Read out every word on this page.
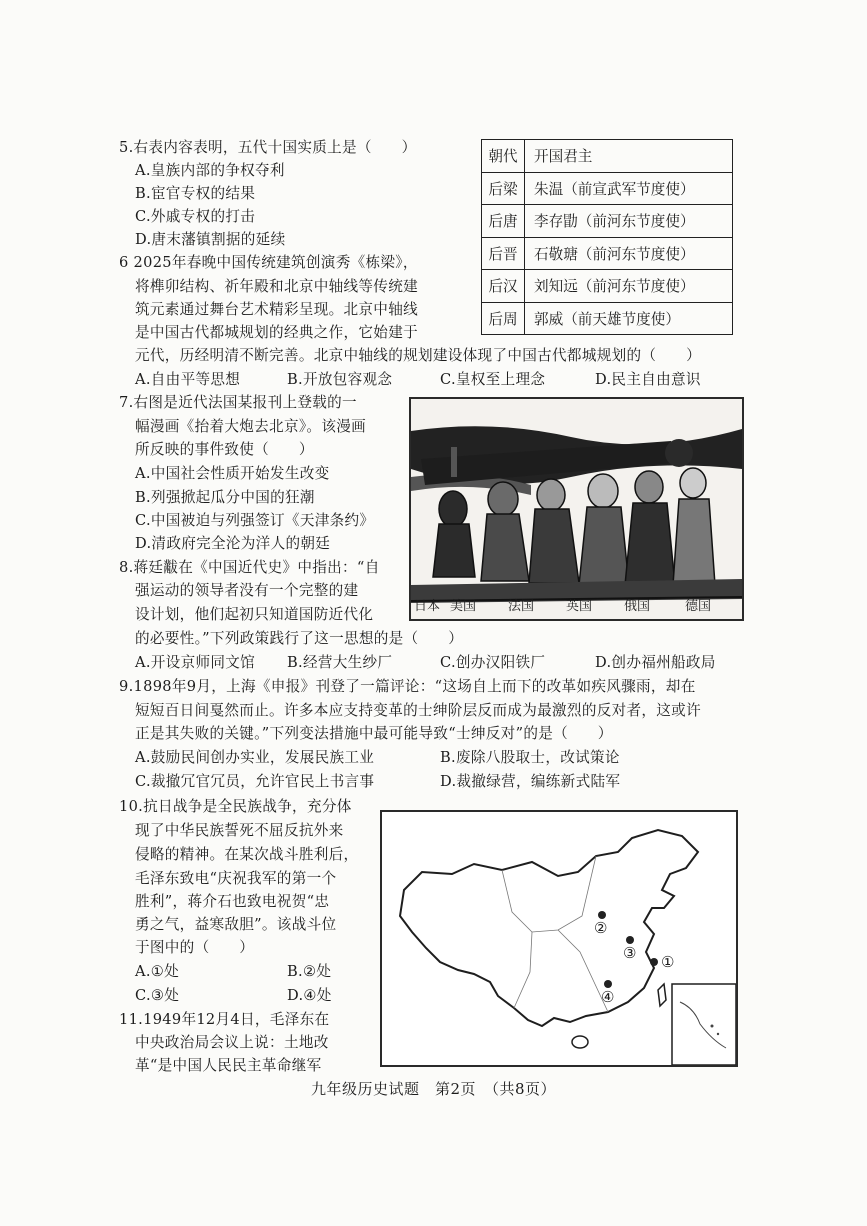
5.右表内容表明，五代十国实质上是（　　）
A.皇族内部的争权夺利
B.宦官专权的结果
C.外戚专权的打击
D.唐末藩镇割据的延续
朝代	开国君主
后梁	朱温（前宣武军节度使）
后唐	李存勖（前河东节度使）
后晋	石敬瑭（前河东节度使）
后汉	刘知远（前河东节度使）
后周	郭威（前天雄节度使）
6 2025年春晚中国传统建筑创演秀《栋梁》，
将榫卯结构、祈年殿和北京中轴线等传统建
筑元素通过舞台艺术精彩呈现。北京中轴线
是中国古代都城规划的经典之作，它始建于
元代，历经明清不断完善。北京中轴线的规划建设体现了中国古代都城规划的（　　）
A.自由平等思想	B.开放包容观念	C.皇权至上理念	D.民主自由意识
7.右图是近代法国某报刊上登载的一
幅漫画《抬着大炮去北京》。该漫画
所反映的事件致使（　　）
A.中国社会性质开始发生改变
B.列强掀起瓜分中国的狂潮
C.中国被迫与列强签订《天津条约》
D.清政府完全沦为洋人的朝廷
日本 美国 法国 英国 俄国	德国
8.蒋廷黻在《中国近代史》中指出：“自
强运动的领导者没有一个完整的建
设计划，他们起初只知道国防近代化
的必要性。”下列政策践行了这一思想的是（　　）
A.开设京师同文馆 B.经营大生纱厂	C.创办汉阳铁厂	D.创办福州船政局
9.1898年9月，上海《申报》刊登了一篇评论：“这场自上而下的改革如疾风骤雨，却在
短短百日间戛然而止。许多本应支持变革的士绅阶层反而成为最激烈的反对者，这或许
正是其失败的关键。”下列变法措施中最可能导致“士绅反对”的是（　　）
A.鼓励民间创办实业，发展民族工业	B.废除八股取士，改试策论
C.裁撤冗官冗员，允许官民上书言事	D.裁撤绿营，编练新式陆军
10.抗日战争是全民族战争，充分体
现了中华民族誓死不屈反抗外来
侵略的精神。在某次战斗胜利后，
毛泽东致电“庆祝我军的第一个
胜利”，蒋介石也致电祝贺“忠
勇之气，益寒敌胆”。该战斗位
于图中的（　　）
A.①处	B.②处
C.③处	D.④处
②
③ ①
④
11.1949年12月4日，毛泽东在
中央政治局会议上说：土地改
革“是中国人民民主革命继军
九年级历史试题　第2页　（共8页）
